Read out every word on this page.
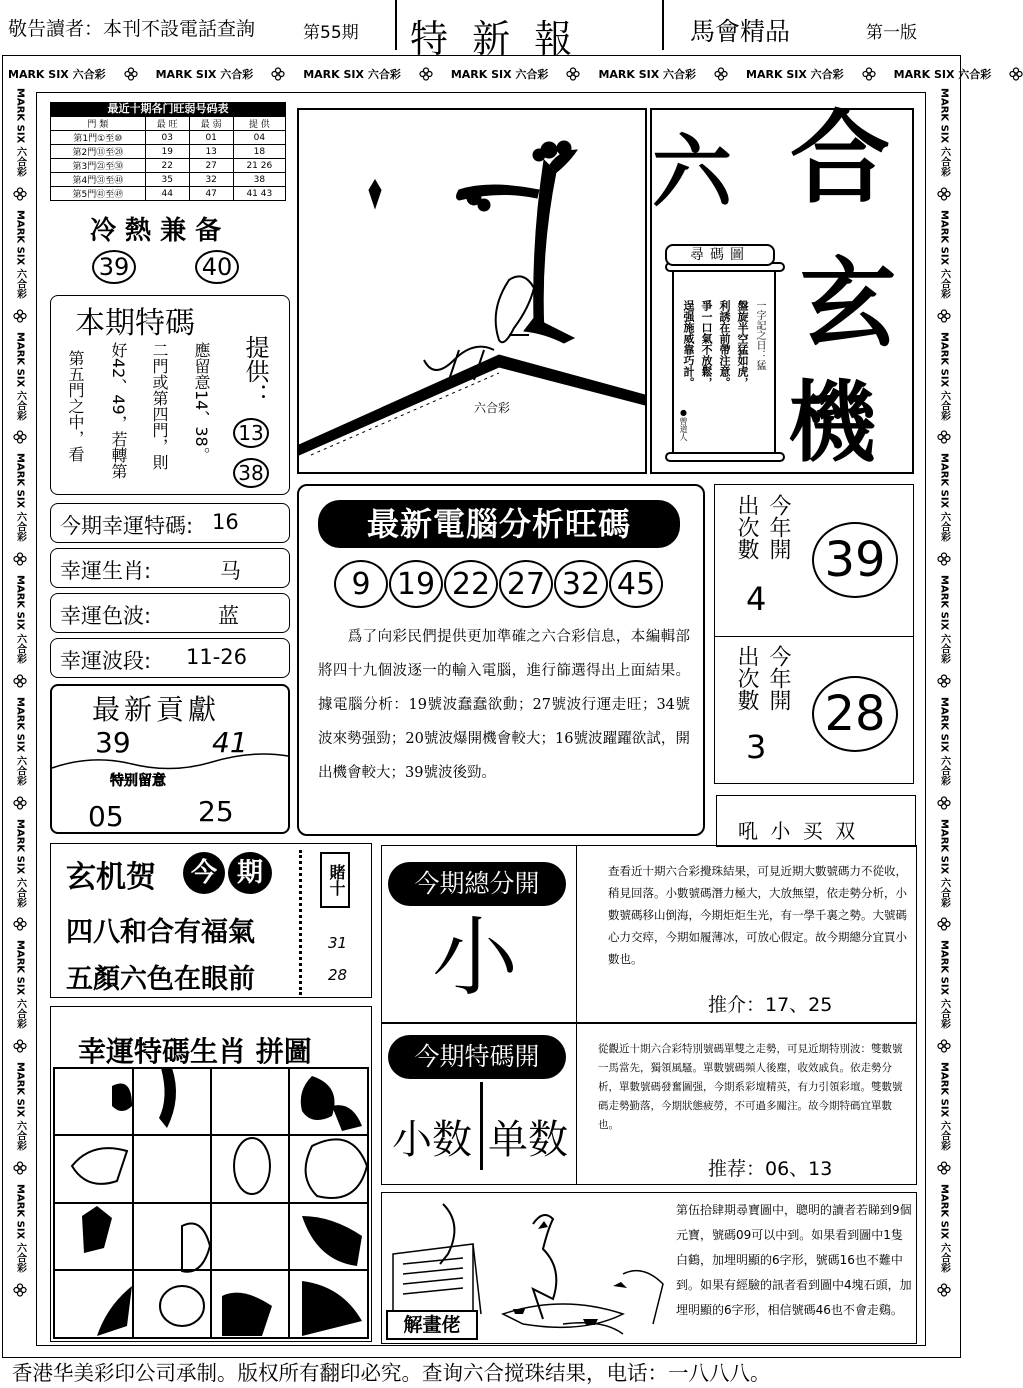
敬告讀者：本刊不設電話查詢	第55期 特 新 報	馬會精品	第一版
MARK SIX 六合彩	MARK SIX 六合彩	MARK SIX 六合彩	MARK SIX 六合彩	MARK SIX 六合彩	MARK SIX 六合彩	MARK SIX 六合彩
MARK SIX 六合彩
MARK SIX 六合彩
MARK SIX 六合彩
MARK SIX 六合彩
MARK SIX 六合彩
MARK SIX 六合彩
MARK SIX 六合彩
MARK SIX 六合彩
MARK SIX 六合彩
MARK SIX 六合彩
MARK SIX 六合彩
MARK SIX 六合彩
MARK SIX 六合彩
MARK SIX 六合彩
MARK SIX 六合彩
MARK SIX 六合彩
MARK SIX 六合彩
MARK SIX 六合彩
MARK SIX 六合彩
MARK SIX 六合彩
最近十期各门旺弱号码表
門 類	最 旺	最 弱	提 供
第1門①至⑩	03	01	04
第2門⑪至⑳	19	13	18
第3門㉑至㉚	22	27	21 26
第4門㉛至㊵	35	32	38
第5門㊶至㊾	44	47	41 43
冷 熱 兼 备
39	40
本期特碼
應留意14、38。
二門或第四門，則
好42、49，若轉第
第五門之中，看	提供：
13
38
今期幸運特碼: 16
幸運生肖:	马
幸運色波:	蓝
幸運波段: 11-26
最新貢獻
39	41
特别留意
05	25
玄机贺	今 期
四八和合有福氣
五顏六色在眼前
賭十
31
28
幸運特碼生肖 拼圖
六合彩
六 合
玄
機
尋碼圖
一字記之日：猛
盤旋半空猛如虎，
利誘在前帶注意。
爭一口氣不放鬆，
逞强施威靠巧計。
●曾道人
最新電腦分析旺碼
9 19 22 27 32 45
　　爲了向彩民們提供更加準確之六合彩信息，本編輯部將四十九個波逐一的輸入電腦，進行篩選得出上面結果。據電腦分析：19號波蠢蠢欲動；27號波行運走旺；34號波來勢强勁；20號波爆開機會較大；16號波躍躍欲試，開出機會較大；39號波後勁。
出次數 今年開
4
39
出次數 今年開
3
28
吼 小 买 双
今期總分開
小
查看近十期六合彩攪珠結果，可見近期大數號碼力不從收，稍見回落。小數號碼潛力極大，大放無望，依走勢分析，小數號碼移山倒海，今期炬炬生光，有一學千裏之勢。大號碼心力交瘁，今期如履薄冰，可放心假定。故今期總分宜買小數也。
推介：17、25
今期特碼開
小数 单数
從觀近十期六合彩特別號碼單雙之走勢，可見近期特別波：雙數號一馬當先，獨領風騷。單數號碼頻人後塵，收效戚負。依走勢分析，單數號碼發奮圖强，今期系彩壇精英，有力引領彩壇。雙數號碼走勢勤落，今期狀態疲勞，不可過多關注。故今期特碼宜單數也。
推荐：06、13
解畫佬
第伍拾肆期尋寶圖中，聰明的讀者若睇到9個元寶，號碼09可以中到。如果看到圖中1隻白鶴，加埋明顯的6字形，號碼16也不難中到。如果有經驗的訊者看到圖中4塊石頭，加埋明顯的6字形，相信號碼46也不會走鷄。
香港华美彩印公司承制。版权所有翻印必究。查询六合搅珠结果，电话：一八八八。
